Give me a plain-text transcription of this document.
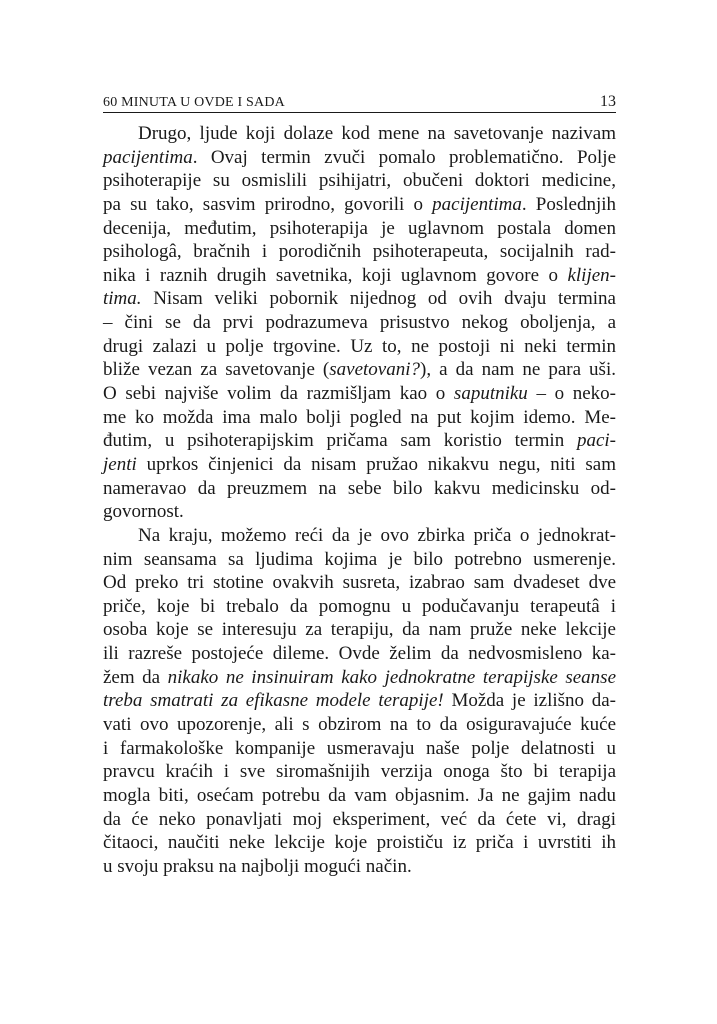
60 MINUTA U OVDE I SADA	13
Drugo, ljude koji dolaze kod mene na savetovanje nazivam
pacijentima. Ovaj termin zvuči pomalo problematično. Polje
psihoterapije su osmislili psihijatri, obučeni doktori medicine,
pa su tako, sasvim prirodno, govorili o pacijentima. Poslednjih
decenija, međutim, psihoterapija je uglavnom postala domen
psihologâ, bračnih i porodičnih psihoterapeuta, socijalnih rad-
nika i raznih drugih savetnika, koji uglavnom govore o klijen-
tima. Nisam veliki pobornik nijednog od ovih dvaju termina
– čini se da prvi podrazumeva prisustvo nekog oboljenja, a
drugi zalazi u polje trgovine. Uz to, ne postoji ni neki termin
bliže vezan za savetovanje (savetovani?), a da nam ne para uši.
O sebi najviše volim da razmišljam kao o saputniku – o neko-
me ko možda ima malo bolji pogled na put kojim idemo. Me-
đutim, u psihoterapijskim pričama sam koristio termin paci-
jenti uprkos činjenici da nisam pružao nikakvu negu, niti sam
nameravao da preuzmem na sebe bilo kakvu medicinsku od-
govornost.
Na kraju, možemo reći da je ovo zbirka priča o jednokrat-
nim seansama sa ljudima kojima je bilo potrebno usmerenje.
Od preko tri stotine ovakvih susreta, izabrao sam dvadeset dve
priče, koje bi trebalo da pomognu u podučavanju terapeutâ i
osoba koje se interesuju za terapiju, da nam pruže neke lekcije
ili razreše postojeće dileme. Ovde želim da nedvosmisleno ka-
žem da nikako ne insinuiram kako jednokratne terapijske seanse
treba smatrati za efikasne modele terapije! Možda je izlišno da-
vati ovo upozorenje, ali s obzirom na to da osiguravajuće kuće
i farmakološke kompanije usmeravaju naše polje delatnosti u
pravcu kraćih i sve siromašnijih verzija onoga što bi terapija
mogla biti, osećam potrebu da vam objasnim. Ja ne gajim nadu
da će neko ponavljati moj eksperiment, već da ćete vi, dragi
čitaoci, naučiti neke lekcije koje proističu iz priča i uvrstiti ih
u svoju praksu na najbolji mogući način.
